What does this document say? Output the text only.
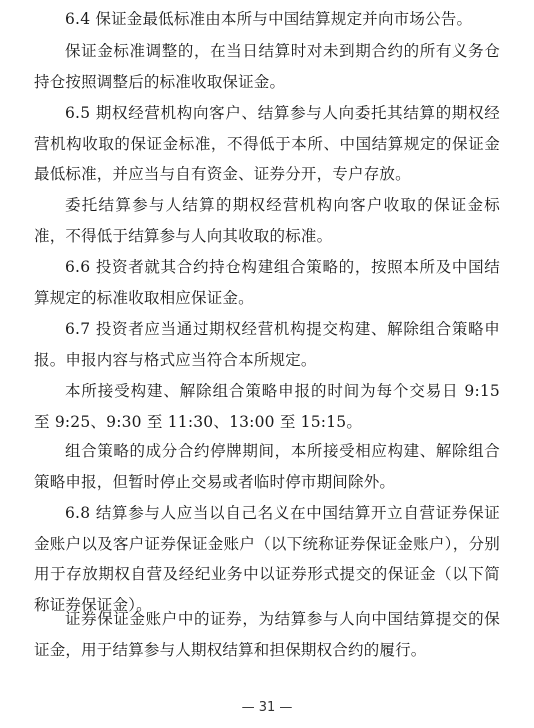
6.4 保证金最低标准由本所与中国结算规定并向市场公告。

保证金标准调整的，在当日结算时对未到期合约的所有义务仓持仓按照调整后的标准收取保证金。

6.5 期权经营机构向客户、结算参与人向委托其结算的期权经营机构收取的保证金标准，不得低于本所、中国结算规定的保证金最低标准，并应当与自有资金、证券分开，专户存放。

委托结算参与人结算的期权经营机构向客户收取的保证金标准，不得低于结算参与人向其收取的标准。

6.6 投资者就其合约持仓构建组合策略的，按照本所及中国结算规定的标准收取相应保证金。

6.7 投资者应当通过期权经营机构提交构建、解除组合策略申报。申报内容与格式应当符合本所规定。

本所接受构建、解除组合策略申报的时间为每个交易日 9:15 至 9:25、9:30 至 11:30、13:00 至 15:15。

组合策略的成分合约停牌期间，本所接受相应构建、解除组合策略申报，但暂时停止交易或者临时停市期间除外。

6.8 结算参与人应当以自己名义在中国结算开立自营证券保证金账户以及客户证券保证金账户（以下统称证券保证金账户），分别用于存放期权自营及经纪业务中以证券形式提交的保证金（以下简称证券保证金）。

证券保证金账户中的证券，为结算参与人向中国结算提交的保证金，用于结算参与人期权结算和担保期权合约的履行。

— 31 —
